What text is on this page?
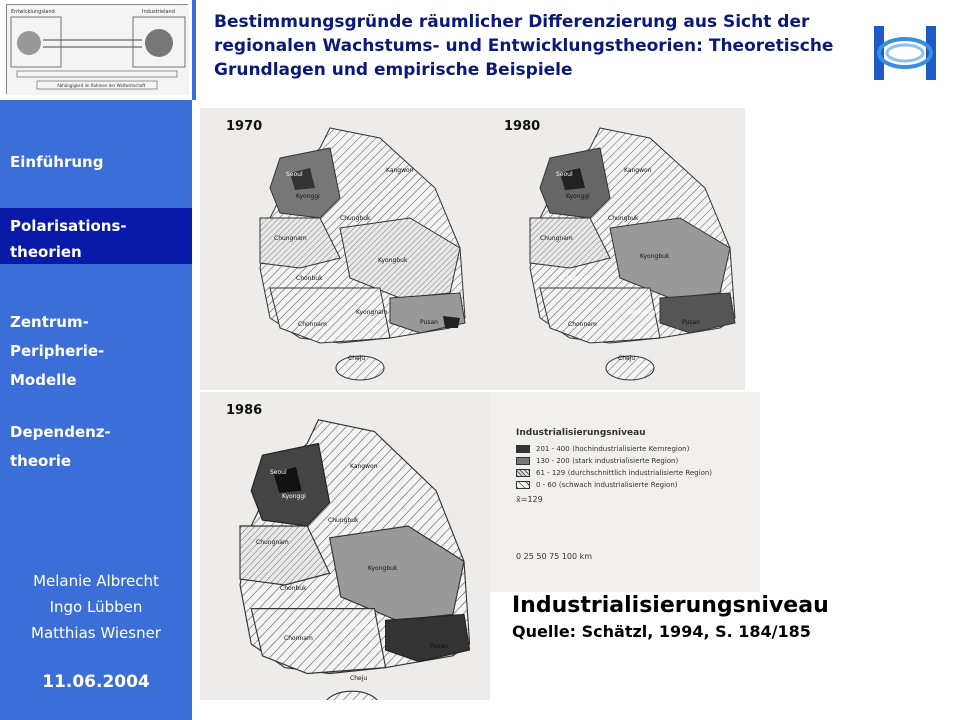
Entwicklungsland	Industrieland
Abhängigkeit im Rahmen der Weltwirtschaft
Bestimmungsgründe räumlicher Differenzierung aus Sicht der regionalen Wachstums- und Entwicklungstheorien: Theoretische Grundlagen und empirische Beispiele
Einführung
Polarisations-
theorien
Zentrum-
Peripherie-
Modelle
Dependenz-
theorie
Melanie Albrecht
Ingo Lübben
Matthias Wiesner
11.06.2004
1970
Seoul
Kyonggi
Kangwon
Chungbuk
Chungnam
Kyongbuk
Chonbuk
Kyongnam
Chonnam	Pusan
Cheju
1980
Seoul
Kyonggi
Kangwon
Chungbuk
Chungnam
Kyongbuk
Chonbuk
Kyongnam
Chonnam	Pusan
Cheju
1986
Seoul
Kyonggi
Kangwon
Chungbuk
Chungnam
Kyongbuk
Chonbuk
Kyongnam
Chonnam
Pusan
Cheju
Industrialisierungsniveau
201 - 400
(hochindustrialisierte Kernregion)
130 - 200
(stark industrialisierte Region)
61 - 129
(durchschnittlich industrialisierte Region)
0 - 60
(schwach industrialisierte Region)
x̄=129
0 25 50 75 100 km
Industrialisierungsniveau
Quelle: Schätzl, 1994, S. 184/185
